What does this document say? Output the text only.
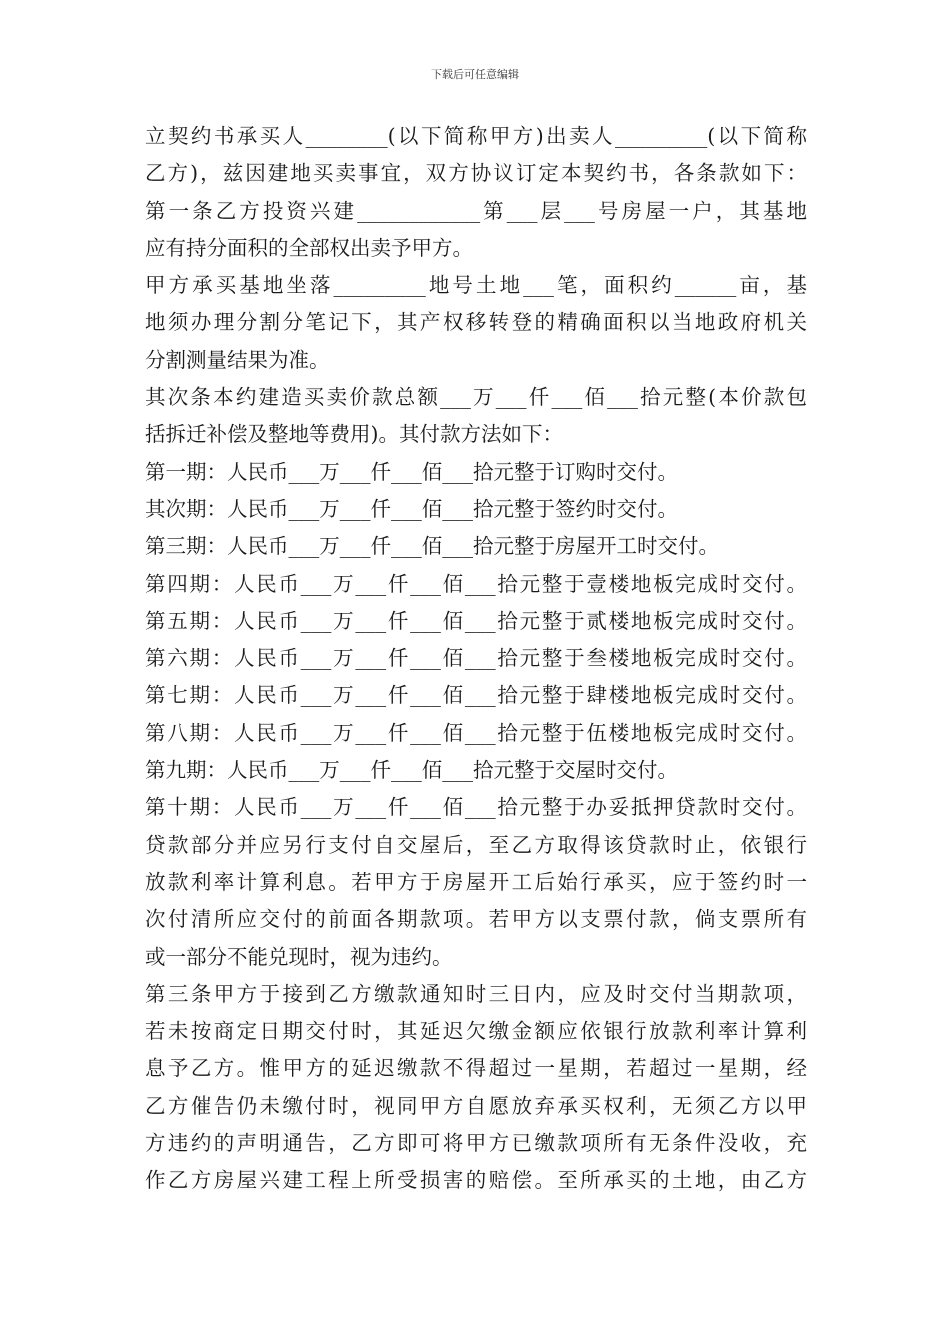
下载后可任意编辑
立契约书承买人________(以下简称甲方)出卖人_________(以下简称
乙方)，兹因建地买卖事宜，双方协议订定本契约书，各条款如下：
第一条乙方投资兴建____________第___层___号房屋一户，其基地
应有持分面积的全部权出卖予甲方。
甲方承买基地坐落_________地号土地___笔，面积约______亩，基
地须办理分割分笔记下，其产权移转登的精确面积以当地政府机关
分割测量结果为准。
其次条本约建造买卖价款总额___万___仟___佰___拾元整(本价款包
括拆迁补偿及整地等费用)。其付款方法如下：
第一期：人民币___万___仟___佰___拾元整于订购时交付。
其次期：人民币___万___仟___佰___拾元整于签约时交付。
第三期：人民币___万___仟___佰___拾元整于房屋开工时交付。
第四期：人民币___万___仟___佰___拾元整于壹楼地板完成时交付。
第五期：人民币___万___仟___佰___拾元整于贰楼地板完成时交付。
第六期：人民币___万___仟___佰___拾元整于叁楼地板完成时交付。
第七期：人民币___万___仟___佰___拾元整于肆楼地板完成时交付。
第八期：人民币___万___仟___佰___拾元整于伍楼地板完成时交付。
第九期：人民币___万___仟___佰___拾元整于交屋时交付。
第十期：人民币___万___仟___佰___拾元整于办妥抵押贷款时交付。
贷款部分并应另行支付自交屋后，至乙方取得该贷款时止，依银行
放款利率计算利息。若甲方于房屋开工后始行承买，应于签约时一
次付清所应交付的前面各期款项。若甲方以支票付款，倘支票所有
或一部分不能兑现时，视为违约。
第三条甲方于接到乙方缴款通知时三日内，应及时交付当期款项，
若未按商定日期交付时，其延迟欠缴金额应依银行放款利率计算利
息予乙方。惟甲方的延迟缴款不得超过一星期，若超过一星期，经
乙方催告仍未缴付时，视同甲方自愿放弃承买权利，无须乙方以甲
方违约的声明通告，乙方即可将甲方已缴款项所有无条件没收，充
作乙方房屋兴建工程上所受损害的赔偿。至所承买的土地，由乙方
